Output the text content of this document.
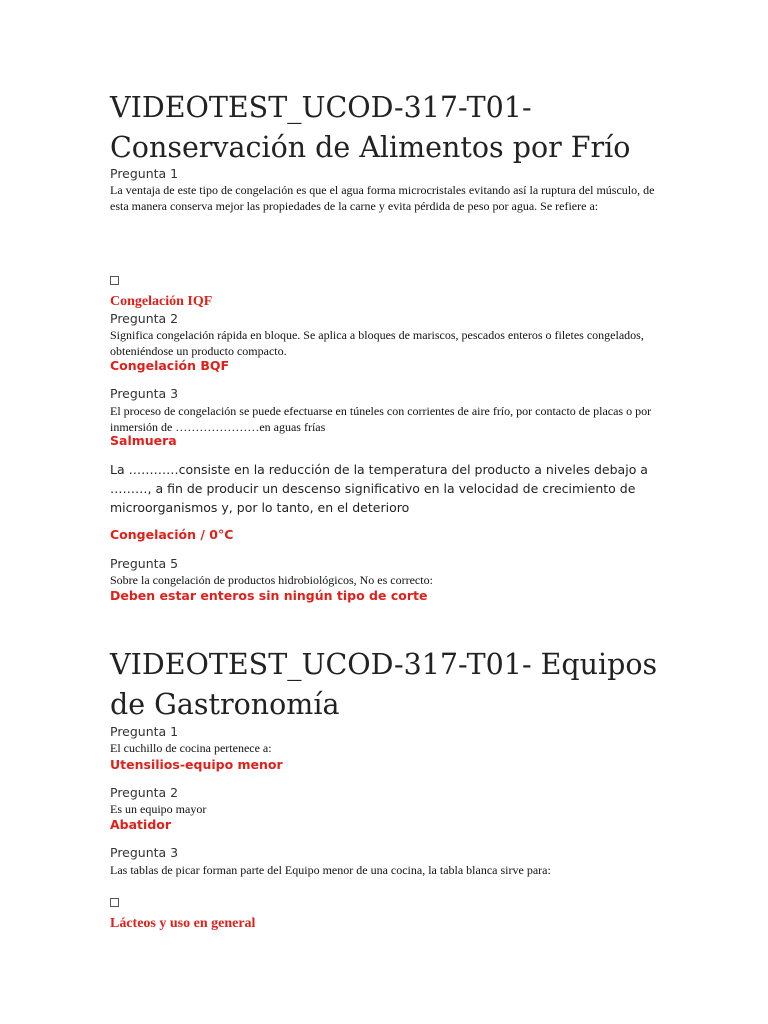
VIDEOTEST_UCOD-317-T01- Conservación de Alimentos por Frío
Pregunta 1
La ventaja de este tipo de congelación es que el agua forma microcristales evitando así la ruptura del músculo, de esta manera conserva mejor las propiedades de la carne y evita pérdida de peso por agua. Se refiere a:
Congelación IQF
Pregunta 2
Significa congelación rápida en bloque. Se aplica a bloques de mariscos, pescados enteros o filetes congelados, obteniéndose un producto compacto.
Congelación BQF
Pregunta 3
El proceso de congelación se puede efectuarse en túneles con corrientes de aire frío, por contacto de placas o por inmersión de …………………en aguas frías
Salmuera
La …………consiste en la reducción de la temperatura del producto a niveles debajo a ………, a fin de producir un descenso significativo en la velocidad de crecimiento de microorganismos y, por lo tanto, en el deterioro
Congelación / 0°C
Pregunta 5
Sobre la congelación de productos hidrobiológicos, No es correcto:
Deben estar enteros sin ningún tipo de corte
VIDEOTEST_UCOD-317-T01- Equipos de Gastronomía
Pregunta 1
El cuchillo de cocina pertenece a:
Utensilios-equipo menor
Pregunta 2
Es un equipo mayor
Abatidor
Pregunta 3
Las tablas de picar forman parte del Equipo menor de una cocina, la tabla blanca sirve para:
Lácteos y uso en general
